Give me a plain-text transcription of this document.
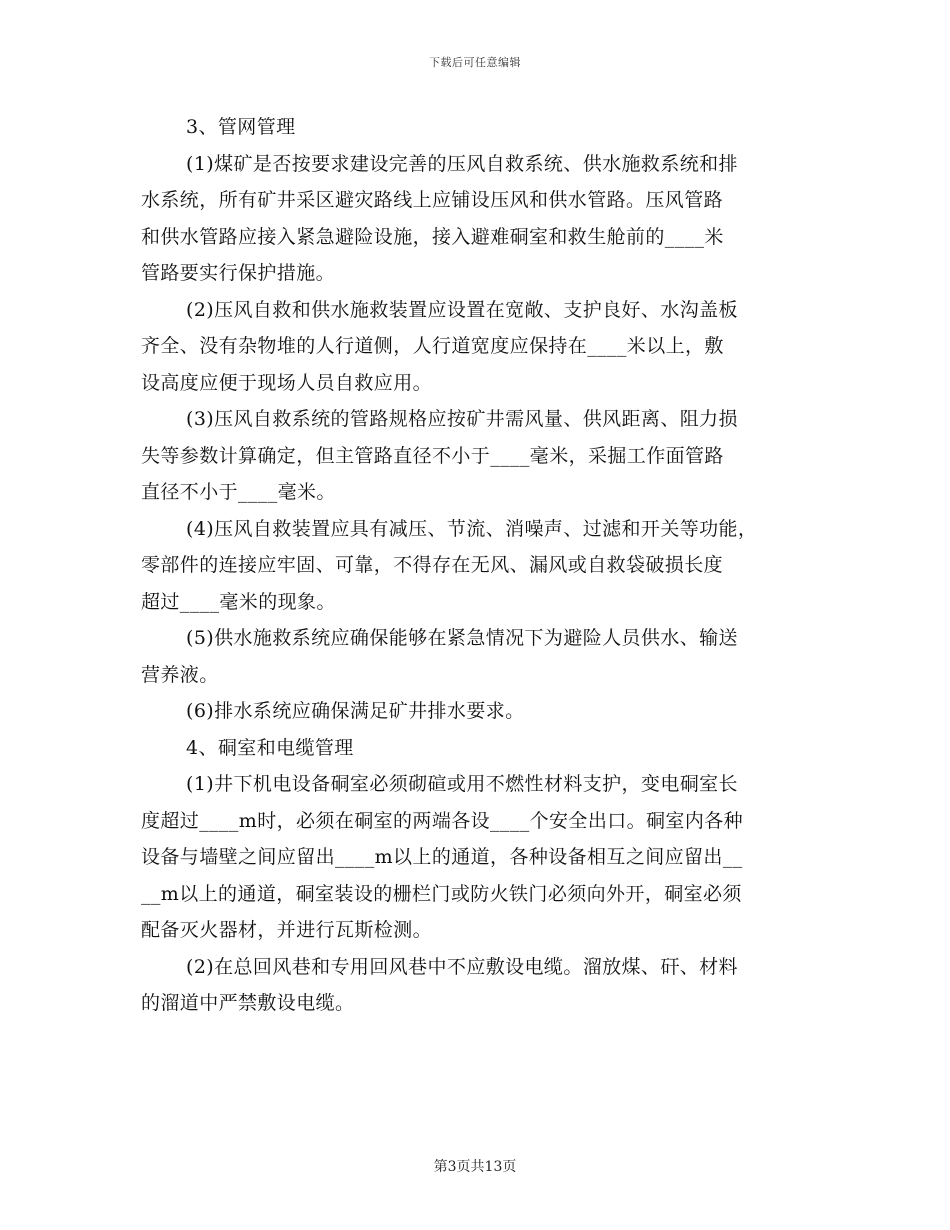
下载后可任意编辑
3、管网管理
(1)煤矿是否按要求建设完善的压风自救系统、供水施救系统和排
水系统，所有矿井采区避灾路线上应铺设压风和供水管路。压风管路
和供水管路应接入紧急避险设施，接入避难硐室和救生舱前的____米
管路要实行保护措施。
(2)压风自救和供水施救装置应设置在宽敞、支护良好、水沟盖板
齐全、没有杂物堆的人行道侧，人行道宽度应保持在____米以上，敷
设高度应便于现场人员自救应用。
(3)压风自救系统的管路规格应按矿井需风量、供风距离、阻力损
失等参数计算确定，但主管路直径不小于____毫米，采掘工作面管路
直径不小于____毫米。
(4)压风自救装置应具有减压、节流、消噪声、过滤和开关等功能，
零部件的连接应牢固、可靠，不得存在无风、漏风或自救袋破损长度
超过____毫米的现象。
(5)供水施救系统应确保能够在紧急情况下为避险人员供水、输送
营养液。
(6)排水系统应确保满足矿井排水要求。
4、硐室和电缆管理
(1)井下机电设备硐室必须砌碹或用不燃性材料支护，变电硐室长
度超过____m时，必须在硐室的两端各设____个安全出口。硐室内各种
设备与墙壁之间应留出____m以上的通道，各种设备相互之间应留出__
__m以上的通道，硐室装设的栅栏门或防火铁门必须向外开，硐室必须
配备灭火器材，并进行瓦斯检测。
(2)在总回风巷和专用回风巷中不应敷设电缆。溜放煤、矸、材料
的溜道中严禁敷设电缆。
第3页共13页
